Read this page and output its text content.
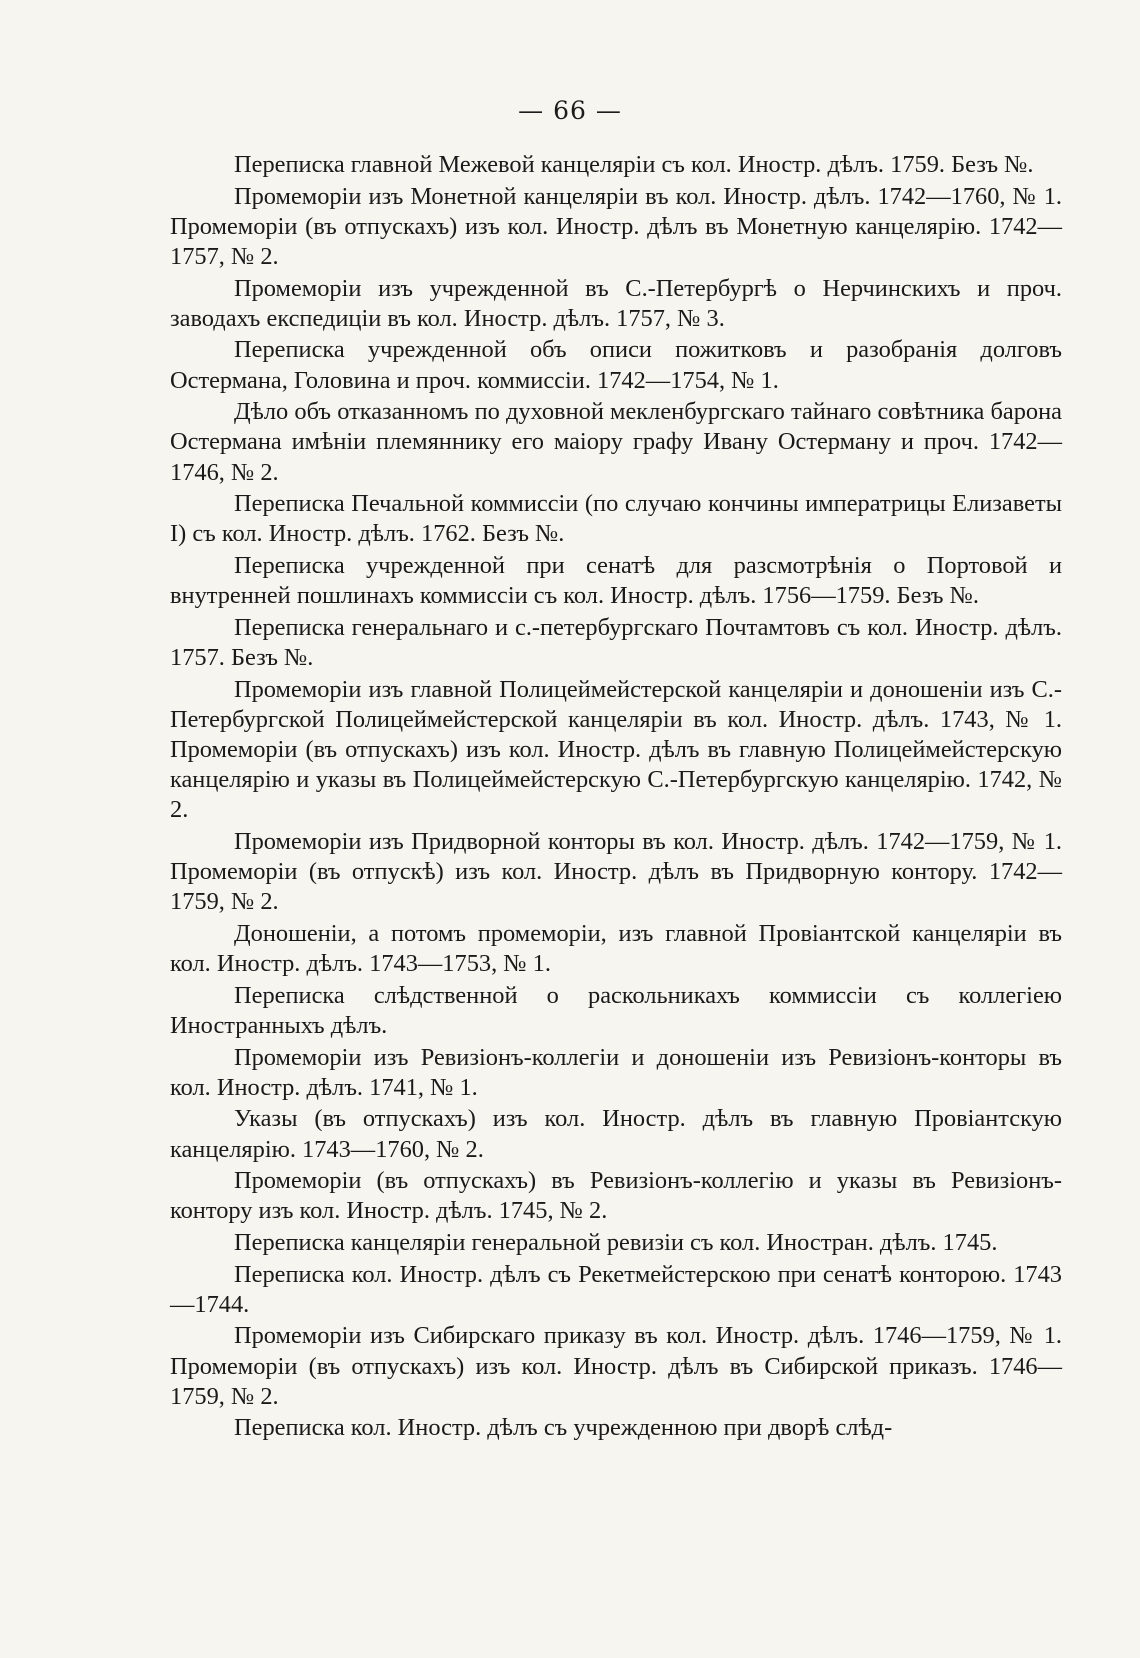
— 66 —

Переписка главной Межевой канцеляріи съ кол. Иностр. дѣлъ. 1759. Безъ №.

Промеморіи изъ Монетной канцеляріи въ кол. Иностр. дѣлъ. 1742—1760, № 1. Промеморіи (въ отпускахъ) изъ кол. Иностр. дѣлъ въ Монетную канцелярію. 1742—1757, № 2.

Промеморіи изъ учрежденной въ С.-Петербургѣ о Нерчинскихъ и проч. заводахъ експедиціи въ кол. Иностр. дѣлъ. 1757, № 3.

Переписка учрежденной объ описи пожитковъ и разобранія долговъ Остермана, Головина и проч. коммиссіи. 1742—1754, № 1.

Дѣло объ отказанномъ по духовной мекленбургскаго тайнаго совѣтника барона Остермана имѣніи племяннику его маіору графу Ивану Остерману и проч. 1742—1746, № 2.

Переписка Печальной коммиссіи (по случаю кончины императрицы Елизаветы I) съ кол. Иностр. дѣлъ. 1762. Безъ №.

Переписка учрежденной при сенатѣ для разсмотрѣнія о Портовой и внутренней пошлинахъ коммиссіи съ кол. Иностр. дѣлъ. 1756—1759. Безъ №.

Переписка генеральнаго и с.-петербургскаго Почтамтовъ съ кол. Иностр. дѣлъ. 1757. Безъ №.

Промеморіи изъ главной Полицеймейстерской канцеляріи и доношеніи изъ С.-Петербургской Полицеймейстерской канцеляріи въ кол. Иностр. дѣлъ. 1743, № 1. Промеморіи (въ отпускахъ) изъ кол. Иностр. дѣлъ въ главную Полицеймейстерскую канцелярію и указы въ Полицеймейстерскую С.-Петербургскую канцелярію. 1742, № 2.

Промеморіи изъ Придворной конторы въ кол. Иностр. дѣлъ. 1742—1759, № 1. Промеморіи (въ отпускѣ) изъ кол. Иностр. дѣлъ въ Придворную контору. 1742—1759, № 2.

Доношеніи, а потомъ промеморіи, изъ главной Провіантской канцеляріи въ кол. Иностр. дѣлъ. 1743—1753, № 1.

Переписка слѣдственной о раскольникахъ коммиссіи съ коллегіею Иностранныхъ дѣлъ.

Промеморіи изъ Ревизіонъ-коллегіи и доношеніи изъ Ревизіонъ-конторы въ кол. Иностр. дѣлъ. 1741, № 1.

Указы (въ отпускахъ) изъ кол. Иностр. дѣлъ въ главную Провіантскую канцелярію. 1743—1760, № 2.

Промеморіи (въ отпускахъ) въ Ревизіонъ-коллегію и указы въ Ревизіонъ-контору изъ кол. Иностр. дѣлъ. 1745, № 2.

Переписка канцеляріи генеральной ревизіи съ кол. Иностран. дѣлъ. 1745.

Переписка кол. Иностр. дѣлъ съ Рекетмейстерскою при сенатѣ конторою. 1743—1744.

Промеморіи изъ Сибирскаго приказу въ кол. Иностр. дѣлъ. 1746—1759, № 1. Промеморіи (въ отпускахъ) изъ кол. Иностр. дѣлъ въ Сибирской приказъ. 1746—1759, № 2.

Переписка кол. Иностр. дѣлъ съ учрежденною при дворѣ слѣд-
